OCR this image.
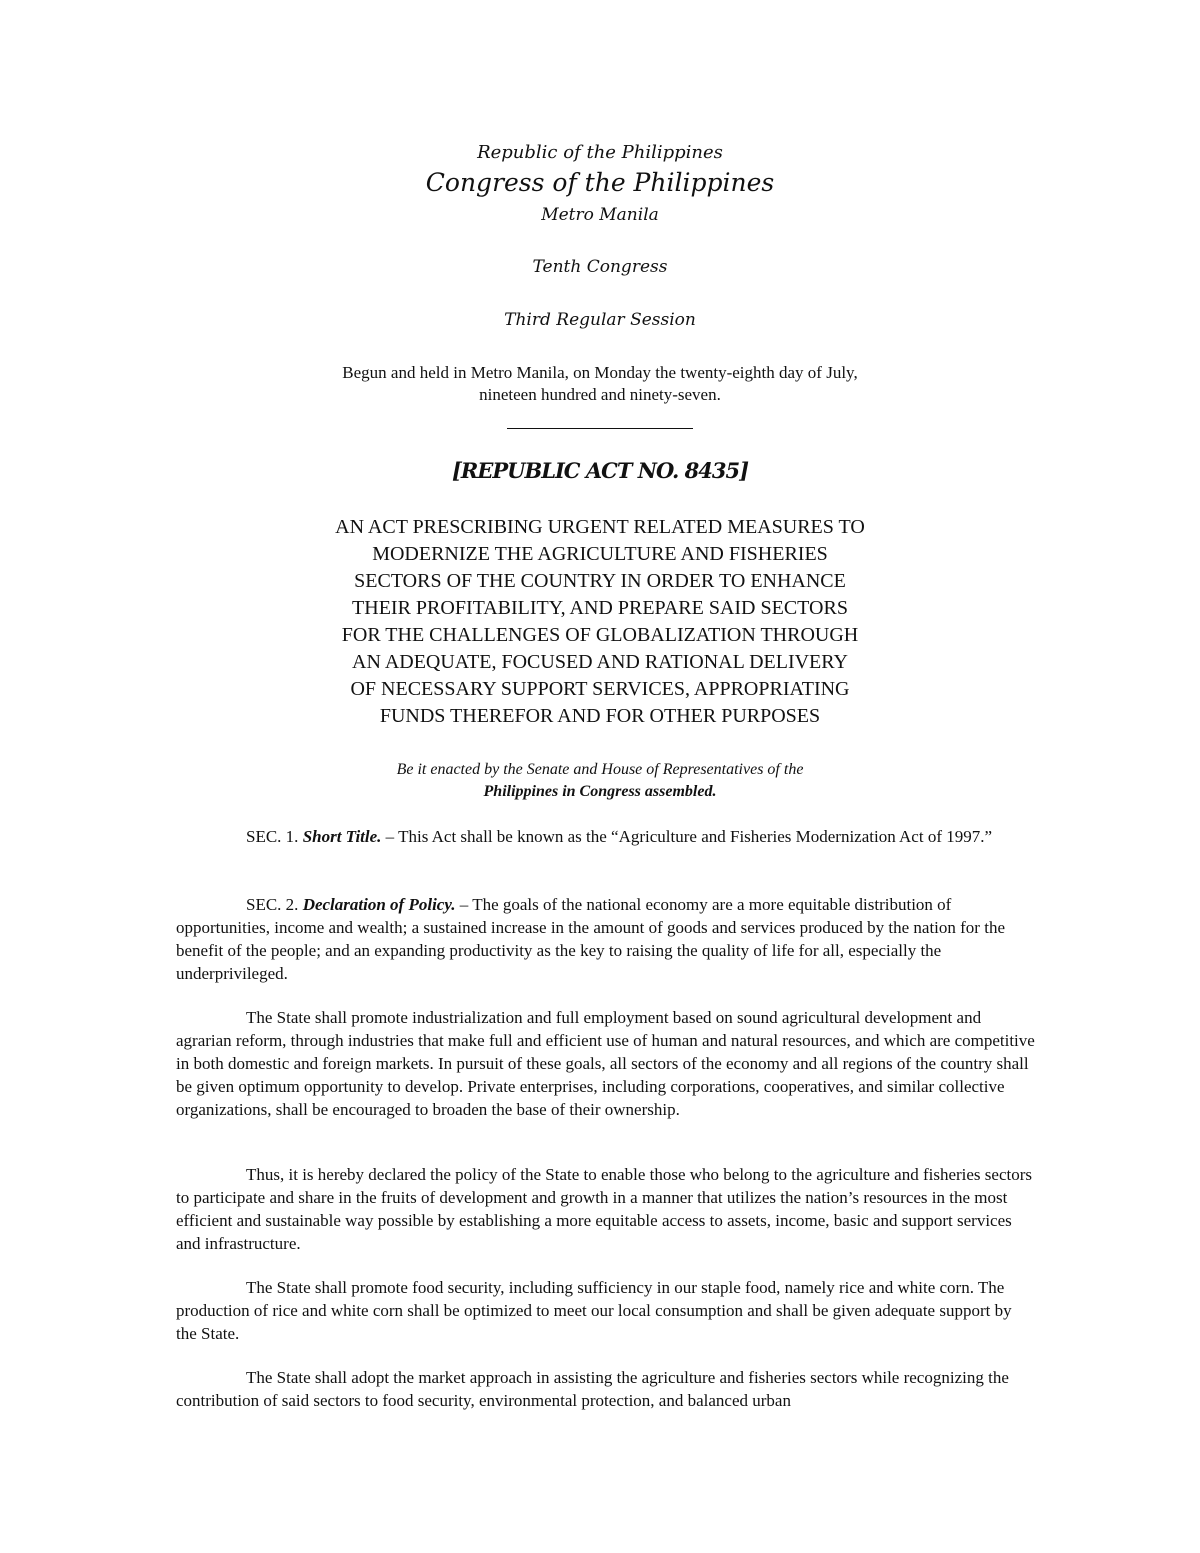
Republic of the Philippines
Congress of the Philippines
Metro Manila
Tenth Congress
Third Regular Session
Begun and held in Metro Manila, on Monday the twenty-eighth day of July,
nineteen hundred and ninety-seven.
[REPUBLIC ACT NO. 8435]
AN ACT PRESCRIBING URGENT RELATED MEASURES TO
MODERNIZE THE AGRICULTURE AND FISHERIES
SECTORS OF THE COUNTRY IN ORDER TO ENHANCE
THEIR PROFITABILITY, AND PREPARE SAID SECTORS
FOR THE CHALLENGES OF GLOBALIZATION THROUGH
AN ADEQUATE, FOCUSED AND RATIONAL DELIVERY
OF NECESSARY SUPPORT SERVICES, APPROPRIATING
FUNDS THEREFOR AND FOR OTHER PURPOSES
Be it enacted by the Senate and House of Representatives of the
Philippines in Congress assembled.
SEC. 1. Short Title. – This Act shall be known as the “Agriculture and Fisheries Modernization Act of 1997.”
SEC. 2. Declaration of Policy. – The goals of the national economy are a more equitable distribution of opportunities, income and wealth; a sustained increase in the amount of goods and services produced by the nation for the benefit of the people; and an expanding productivity as the key to raising the quality of life for all, especially the underprivileged.
The State shall promote industrialization and full employment based on sound agricultural development and agrarian reform, through industries that make full and efficient use of human and natural resources, and which are competitive in both domestic and foreign markets. In pursuit of these goals, all sectors of the economy and all regions of the country shall be given optimum opportunity to develop. Private enterprises, including corporations, cooperatives, and similar collective organizations, shall be encouraged to broaden the base of their ownership.
Thus, it is hereby declared the policy of the State to enable those who belong to the agriculture and fisheries sectors to participate and share in the fruits of development and growth in a manner that utilizes the nation’s resources in the most efficient and sustainable way possible by establishing a more equitable access to assets, income, basic and support services and infrastructure.
The State shall promote food security, including sufficiency in our staple food, namely rice and white corn. The production of rice and white corn shall be optimized to meet our local consumption and shall be given adequate support by the State.
The State shall adopt the market approach in assisting the agriculture and fisheries sectors while recognizing the contribution of said sectors to food security, environmental protection, and balanced urban
